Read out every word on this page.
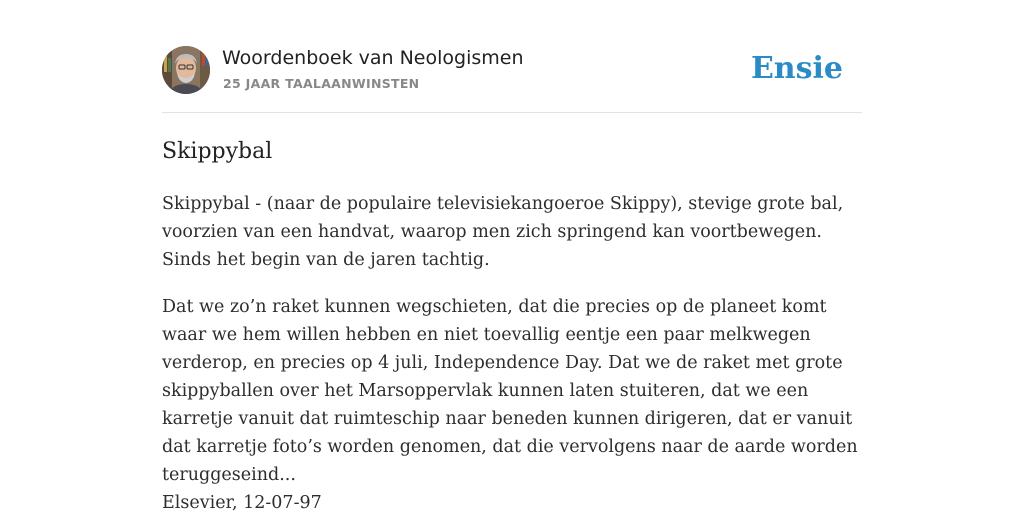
Woordenboek van Neologismen
25 JAAR TAALAANWINSTEN	Ensie
Skippybal
Skippybal - (naar de populaire televisiekangoeroe Skippy), stevige grote bal, voorzien van een handvat, waarop men zich springend kan voortbewegen. Sinds het begin van de jaren tachtig.
Dat we zo’n raket kunnen wegschieten, dat die precies op de planeet komt waar we hem willen hebben en niet toevallig eentje een paar melkwegen verderop, en precies op 4 juli, Independence Day. Dat we de raket met grote skippyballen over het Marsoppervlak kunnen laten stuiteren, dat we een karretje vanuit dat ruimteschip naar beneden kunnen dirigeren, dat er vanuit dat karretje foto’s worden genomen, dat die vervolgens naar de aarde worden teruggeseind...
Elsevier, 12-07-97
